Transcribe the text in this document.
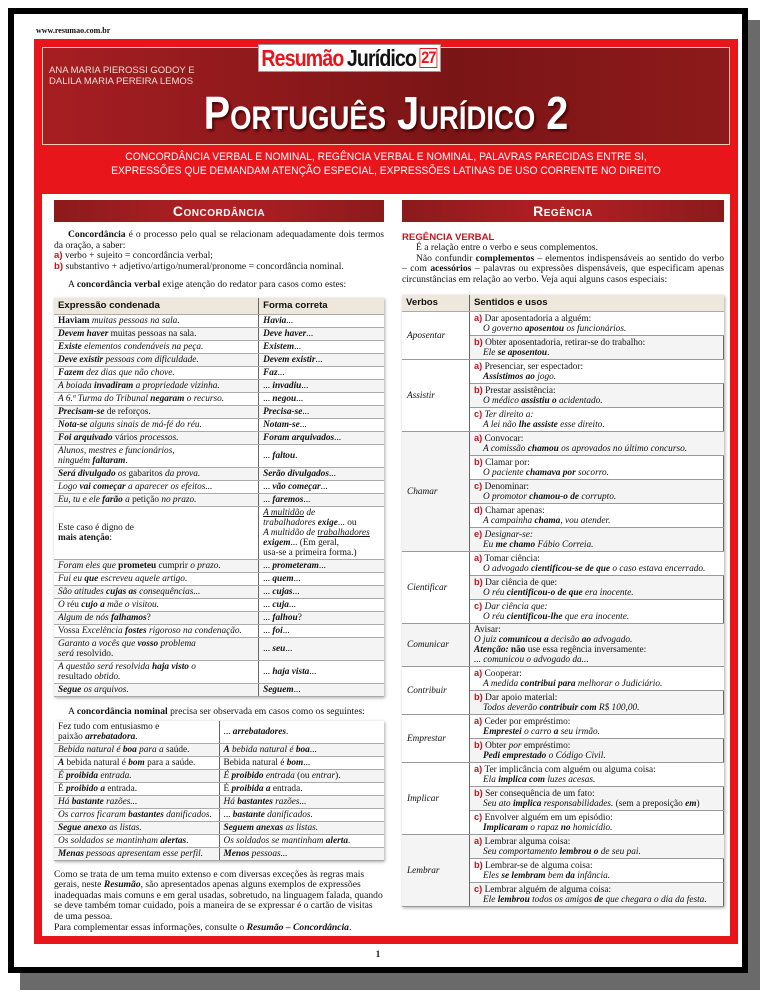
www.resumao.com.br
Resumão Jurídico 27
ANA MARIA PIEROSSI GODOY E
DALILA MARIA PEREIRA LEMOS
Português Jurídico 2
CONCORDÂNCIA VERBAL E NOMINAL, REGÊNCIA VERBAL E NOMINAL, PALAVRAS PARECIDAS ENTRE SI,
EXPRESSÕES QUE DEMANDAM ATENÇÃO ESPECIAL, EXPRESSÕES LATINAS DE USO CORRENTE NO DIREITO
Concordância

Concordância é o processo pelo qual se relacionam adequadamente dois termos da oração, a saber:

a) verbo + sujeito = concordância verbal;

b) substantivo + adjetivo/artigo/numeral/pronome = concordância nominal.

A concordância verbal exige atenção do redator para casos como estes:

Expressão condenada	Forma correta
Haviam muitas pessoas na sala.	Havia...
Devem haver muitas pessoas na sala.	Deve haver...
Existe elementos condenáveis na peça.	Existem...
Deve existir pessoas com dificuldade.	Devem existir...
Fazem dez dias que não chove.	Faz...
A boiada invadiram a propriedade vizinha.	... invadiu...
A 6.ª Turma do Tribunal negaram o recurso.	... negou...
Precisam-se de reforços.	Precisa-se...
Nota-se alguns sinais de má-fé do réu.	Notam-se...
Foi arquivado vários processos.	Foram arquivados...
Alunos, mestres e funcionários,
ninguém faltaram.	... faltou.
Será divulgado os gabaritos da prova.	Serão divulgados...
Logo vai começar a aparecer os efeitos...	... vão começar...
Eu, tu e ele farão a petição no prazo.	... faremos...
Este caso é digno de
mais atenção:	A multidão de
trabalhadores exige... ou
A multidão de trabalhadores
exigem... (Em geral,
usa-se a primeira forma.)
Foram eles que prometeu cumprir o prazo.	... prometeram...
Fui eu que escreveu aquele artigo.	... quem...
São atitudes cujas as consequências...	... cujas...
O réu cujo a mãe o visitou.	... cuja...
Algum de nós falhamos?	... falhou?
Vossa Excelência fostes rigoroso na condenação.	... foi...
Garanto a vocês que vosso problema
será resolvido.	... seu...
A questão será resolvida haja visto o
resultado obtido.	... haja vista...
Segue os arquivos.	Seguem...

A concordância nominal precisa ser observada em casos como os seguintes:

Fez tudo com entusiasmo e
paixão arrebatadora.	... arrebatadores.
Bebida natural é boa para a saúde.	A bebida natural é boa...
A bebida natural é bom para a saúde.	Bebida natural é bom...
É proibida entrada.	É proibido entrada (ou entrar).
É proibido a entrada.	É proibida a entrada.
Há bastante razões...	Há bastantes razões...
Os carros ficaram bastantes danificados.	... bastante danificados.
Segue anexo as listas.	Seguem anexas as listas.
Os soldados se mantinham alertas.	Os soldados se mantinham alerta.
Menas pessoas apresentam esse perfil.	Menos pessoas...

Como se trata de um tema muito extenso e com diversas exceções às regras mais gerais, neste Resumão, são apresentados apenas alguns exemplos de expressões inadequadas mais comuns e em geral usadas, sobretudo, na linguagem falada, quando se deve também tomar cuidado, pois a maneira de se expressar é o cartão de visitas de uma pessoa.
Para complementar essas informações, consulte o Resumão – Concordância.

Regência
REGÊNCIA VERBAL

É a relação entre o verbo e seus complementos.

Não confundir complementos – elementos indispensáveis ao sentido do verbo – com acessórios – palavras ou expressões dispensáveis, que especificam apenas circunstâncias em relação ao verbo. Veja aqui alguns casos especiais:

Verbos	Sentidos e usos
Aposentar	a) Dar aposentadoria a alguém:
O governo aposentou os funcionários.

	b) Obter aposentadoria, retirar-se do trabalho:
Ele se aposentou.

Assistir	a) Presenciar, ser espectador:
Assistimos ao jogo.

	b) Prestar assistência:
O médico assistiu o acidentado.

	c) Ter direito a:
A lei não lhe assiste esse direito.

Chamar	a) Convocar:
A comissão chamou os aprovados no último concurso.

	b) Clamar por:
O paciente chamava por socorro.

	c) Denominar:
O promotor chamou-o de corrupto.

	d) Chamar apenas:
A campainha chama, vou atender.

	e) Designar-se:
Eu me chamo Fábio Correia.

Cientificar	a) Tomar ciência:
O advogado cientificou-se de que o caso estava encerrado.

	b) Dar ciência de que:
O réu cientificou-o de que era inocente.

	c) Dar ciência que:
O réu cientificou-lhe que era inocente.

Comunicar	Avisar:
O juiz comunicou a decisão ao advogado.
Atenção: não use essa regência inversamente:
... comunicou o advogado da...

Contribuir	a) Cooperar:
A medida contribui para melhorar o Judiciário.

	b) Dar apoio material:
Todos deverão contribuir com R$ 100,00.

Emprestar	a) Ceder por empréstimo:
Emprestei o carro a seu irmão.

	b) Obter por empréstimo:
Pedi emprestado o Código Civil.

Implicar	a) Ter implicância com alguém ou alguma coisa:
Ela implica com luzes acesas.

	b) Ser consequência de um fato:
Seu ato implica responsabilidades. (sem a preposição em)

	c) Envolver alguém em um episódio:
Implicaram o rapaz no homicídio.

Lembrar	a) Lembrar alguma coisa:
Seu comportamento lembrou o de seu pai.

	b) Lembrar-se de alguma coisa:
Eles se lembram bem da infância.

	c) Lembrar alguém de alguma coisa:
Ele lembrou todos os amigos de que chegara o dia da festa.
1
